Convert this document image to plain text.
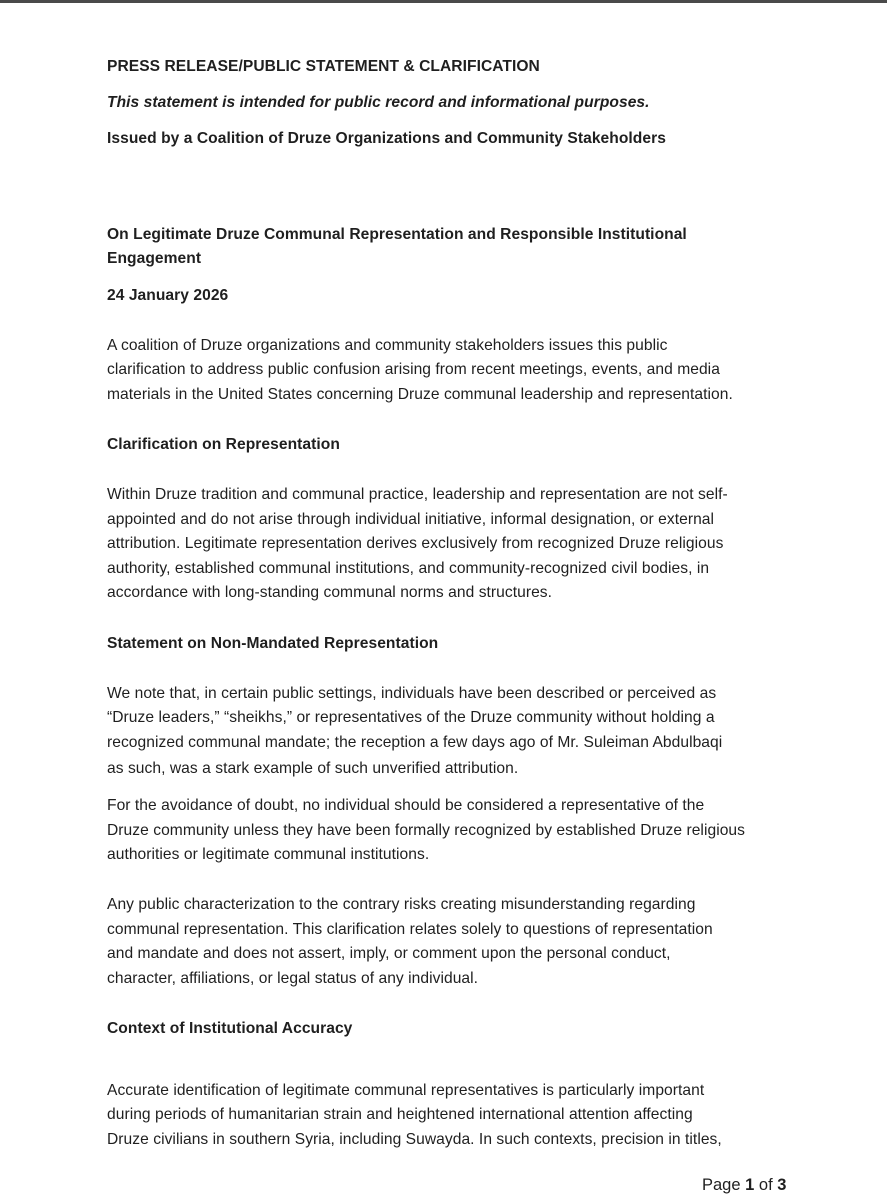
PRESS RELEASE/PUBLIC STATEMENT & CLARIFICATION
This statement is intended for public record and informational purposes.
Issued by a Coalition of Druze Organizations and Community Stakeholders
On Legitimate Druze Communal Representation and Responsible Institutional
Engagement
24 January 2026
A coalition of Druze organizations and community stakeholders issues this public
clarification to address public confusion arising from recent meetings, events, and media
materials in the United States concerning Druze communal leadership and representation.
Clarification on Representation
Within Druze tradition and communal practice, leadership and representation are not self-
appointed and do not arise through individual initiative, informal designation, or external
attribution. Legitimate representation derives exclusively from recognized Druze religious
authority, established communal institutions, and community-recognized civil bodies, in
accordance with long-standing communal norms and structures.
Statement on Non-Mandated Representation
We note that, in certain public settings, individuals have been described or perceived as
“Druze leaders,” “sheikhs,” or representatives of the Druze community without holding a
recognized communal mandate; the reception a few days ago of Mr. Suleiman Abdulbaqi
as such, was a stark example of such unverified attribution.
For the avoidance of doubt, no individual should be considered a representative of the
Druze community unless they have been formally recognized by established Druze religious
authorities or legitimate communal institutions.
Any public characterization to the contrary risks creating misunderstanding regarding
communal representation. This clarification relates solely to questions of representation
and mandate and does not assert, imply, or comment upon the personal conduct,
character, affiliations, or legal status of any individual.
Context of Institutional Accuracy
Accurate identification of legitimate communal representatives is particularly important
during periods of humanitarian strain and heightened international attention affecting
Druze civilians in southern Syria, including Suwayda. In such contexts, precision in titles,
Page 1 of 3
